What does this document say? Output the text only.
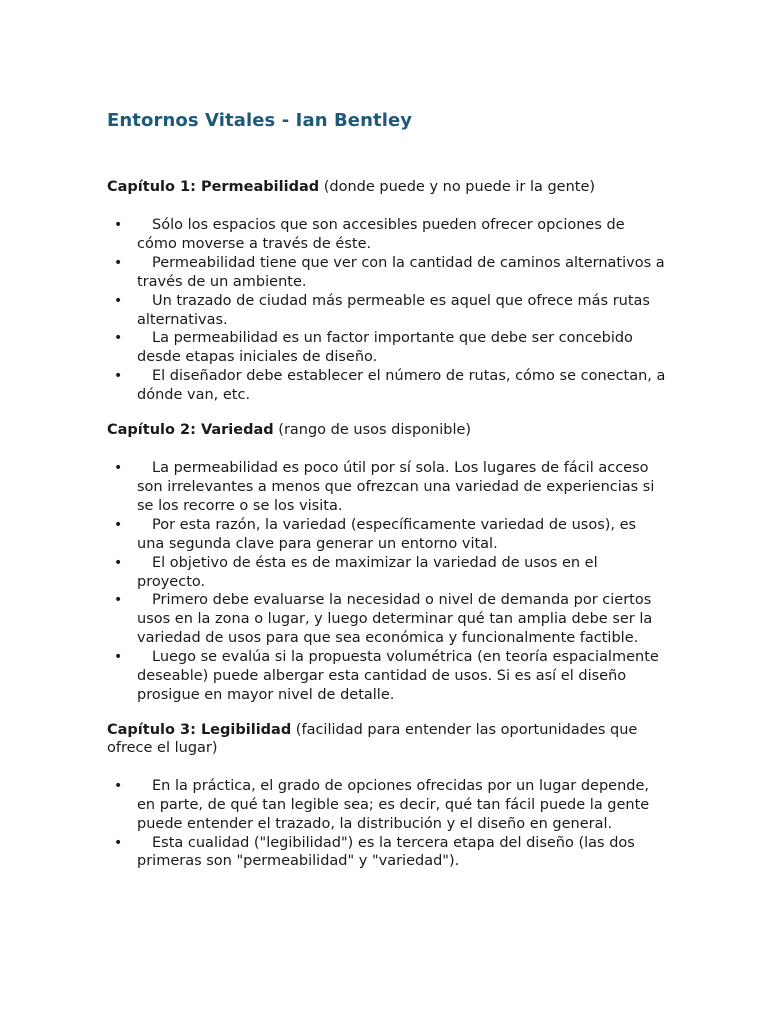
Entornos Vitales - Ian Bentley

Capítulo 1: Permeabilidad (donde puede y no puede ir la gente)

• Sólo los espacios que son accesibles pueden ofrecer opciones de cómo moverse a través de éste.
• Permeabilidad tiene que ver con la cantidad de caminos alternativos a través de un ambiente.
• Un trazado de ciudad más permeable es aquel que ofrece más rutas alternativas.
• La permeabilidad es un factor importante que debe ser concebido desde etapas iniciales de diseño.
• El diseñador debe establecer el número de rutas, cómo se conectan, a dónde van, etc.

Capítulo 2: Variedad (rango de usos disponible)

• La permeabilidad es poco útil por sí sola. Los lugares de fácil acceso son irrelevantes a menos que ofrezcan una variedad de experiencias si se los recorre o se los visita.
• Por esta razón, la variedad (específicamente variedad de usos), es una segunda clave para generar un entorno vital.
• El objetivo de ésta es de maximizar la variedad de usos en el proyecto.
• Primero debe evaluarse la necesidad o nivel de demanda por ciertos usos en la zona o lugar, y luego determinar qué tan amplia debe ser la variedad de usos para que sea económica y funcionalmente factible.
• Luego se evalúa si la propuesta volumétrica (en teoría espacialmente deseable) puede albergar esta cantidad de usos. Si es así el diseño prosigue en mayor nivel de detalle.

Capítulo 3: Legibilidad (facilidad para entender las oportunidades que ofrece el lugar)

• En la práctica, el grado de opciones ofrecidas por un lugar depende, en parte, de qué tan legible sea; es decir, qué tan fácil puede la gente puede entender el trazado, la distribución y el diseño en general.
• Esta cualidad ("legibilidad") es la tercera etapa del diseño (las dos primeras son "permeabilidad" y "variedad").
